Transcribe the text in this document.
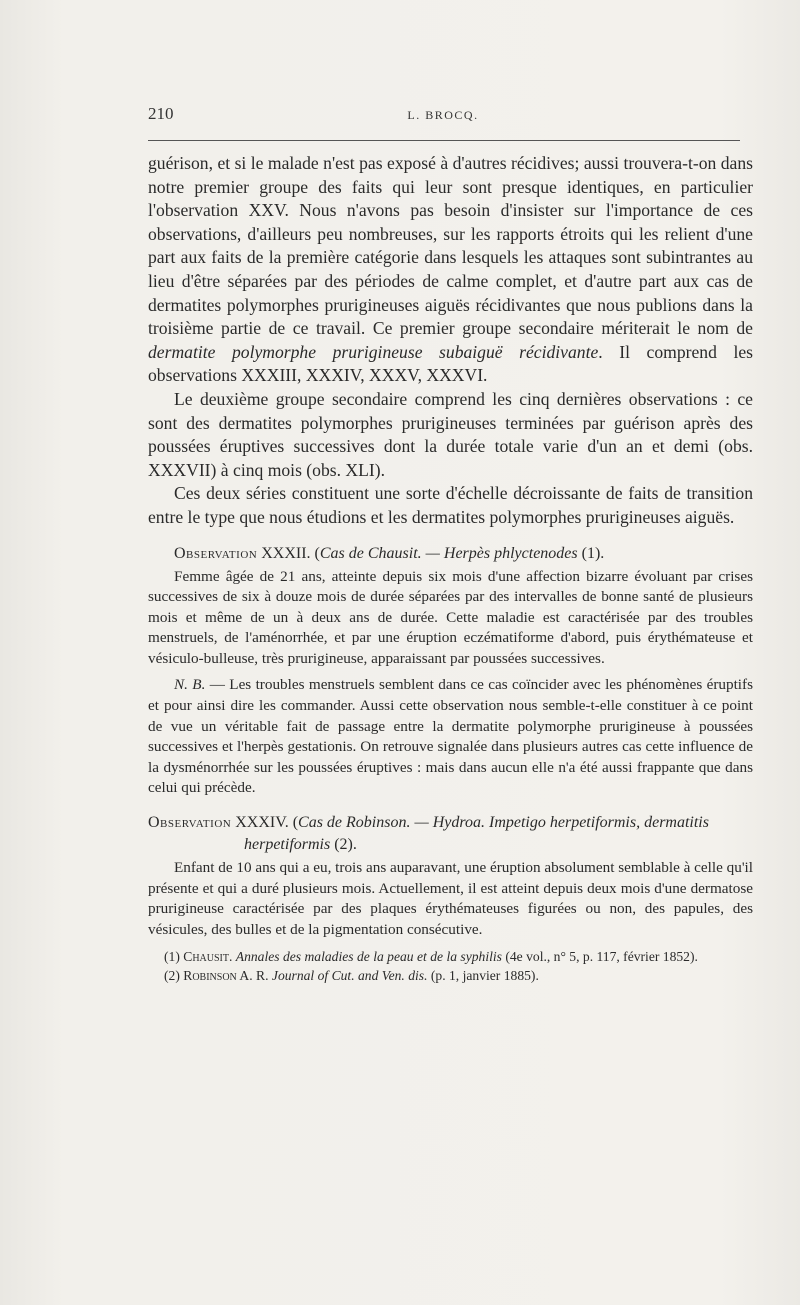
210	L. BROCQ.

guérison, et si le malade n'est pas exposé à d'autres récidives; aussi trouvera-t-on dans notre premier groupe des faits qui leur sont presque identiques, en particulier l'observation XXV. Nous n'avons pas besoin d'insister sur l'importance de ces observations, d'ailleurs peu nombreuses, sur les rapports étroits qui les relient d'une part aux faits de la première catégorie dans lesquels les attaques sont subintrantes au lieu d'être séparées par des périodes de calme complet, et d'autre part aux cas de dermatites polymorphes prurigineuses aiguës récidivantes que nous publions dans la troisième partie de ce travail. Ce premier groupe secondaire mériterait le nom de dermatite polymorphe prurigineuse subaiguë récidivante. Il comprend les observations XXXIII, XXXIV, XXXV, XXXVI.

Le deuxième groupe secondaire comprend les cinq dernières observations : ce sont des dermatites polymorphes prurigineuses terminées par guérison après des poussées éruptives successives dont la durée totale varie d'un an et demi (obs. XXXVII) à cinq mois (obs. XLI).

Ces deux séries constituent une sorte d'échelle décroissante de faits de transition entre le type que nous étudions et les dermatites polymorphes prurigineuses aiguës.

Observation XXXII. (Cas de Chausit. — Herpès phlyctenodes (1).

Femme âgée de 21 ans, atteinte depuis six mois d'une affection bizarre évoluant par crises successives de six à douze mois de durée séparées par des intervalles de bonne santé de plusieurs mois et même de un à deux ans de durée. Cette maladie est caractérisée par des troubles menstruels, de l'aménorrhée, et par une éruption eczématiforme d'abord, puis érythémateuse et vésiculo-bulleuse, très prurigineuse, apparaissant par poussées successives.

N. B. — Les troubles menstruels semblent dans ce cas coïncider avec les phénomènes éruptifs et pour ainsi dire les commander. Aussi cette observation nous semble-t-elle constituer à ce point de vue un véritable fait de passage entre la dermatite polymorphe prurigineuse à poussées successives et l'herpès gestationis. On retrouve signalée dans plusieurs autres cas cette influence de la dysménorrhée sur les poussées éruptives : mais dans aucun elle n'a été aussi frappante que dans celui qui précède.

Observation XXXIV. (Cas de Robinson. — Hydroa. Impetigo herpetiformis, dermatitis herpetiformis (2).

Enfant de 10 ans qui a eu, trois ans auparavant, une éruption absolument semblable à celle qu'il présente et qui a duré plusieurs mois. Actuellement, il est atteint depuis deux mois d'une dermatose prurigineuse caractérisée par des plaques érythémateuses figurées ou non, des papules, des vésicules, des bulles et de la pigmentation consécutive.

(1) Chausit. Annales des maladies de la peau et de la syphilis (4e vol., n° 5, p. 117, février 1852).

(2) Robinson A. R. Journal of Cut. and Ven. dis. (p. 1, janvier 1885).
